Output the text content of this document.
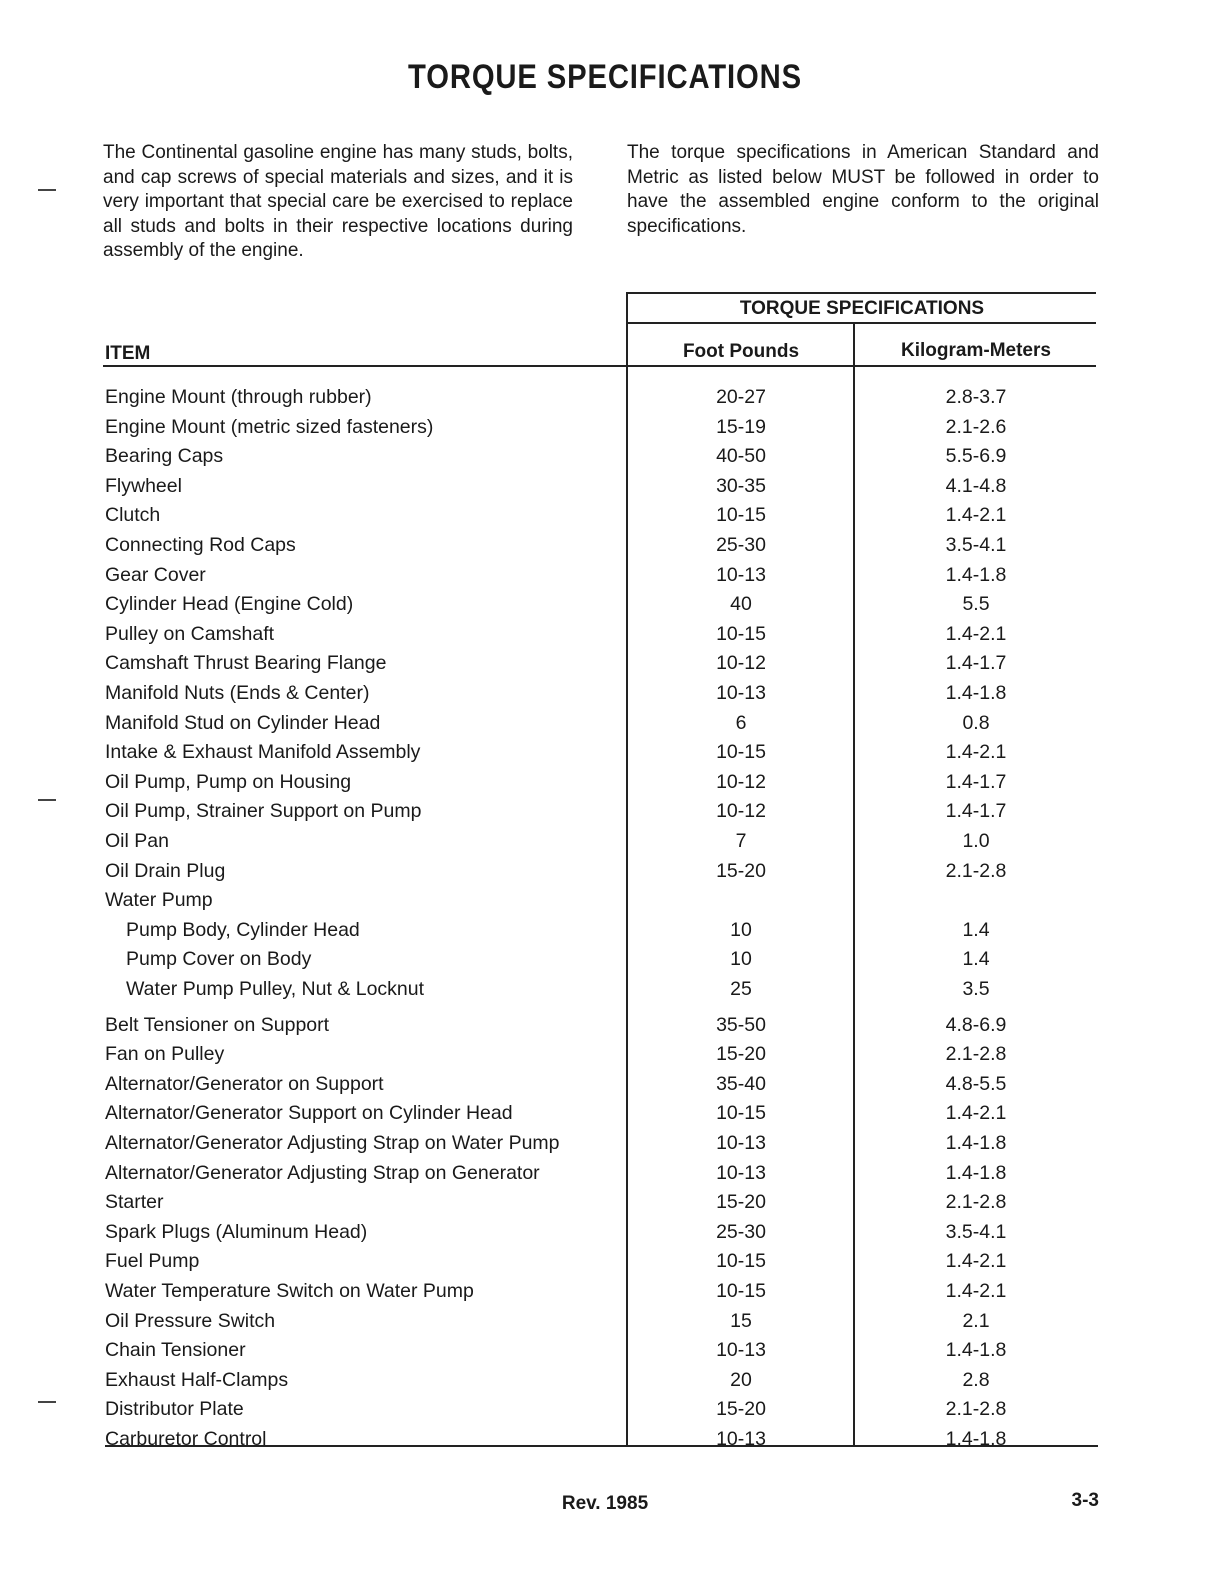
TORQUE SPECIFICATIONS
The Continental gasoline engine has many studs, bolts, and cap screws of special materials and sizes, and it is very important that special care be exercised to replace all studs and bolts in their respective locations during assembly of the engine.
The torque specifications in American Standard and Metric as listed below MUST be followed in order to have the assembled engine conform to the original specifications.
TORQUE SPECIFICATIONS
ITEM	Foot Pounds	Kilogram-Meters
Engine Mount (through rubber)	20-27	2.8-3.7
Engine Mount (metric sized fasteners)	15-19	2.1-2.6
Bearing Caps	40-50	5.5-6.9
Flywheel	30-35	4.1-4.8
Clutch	10-15	1.4-2.1
Connecting Rod Caps	25-30	3.5-4.1
Gear Cover	10-13	1.4-1.8
Cylinder Head (Engine Cold)	40	5.5
Pulley on Camshaft	10-15	1.4-2.1
Camshaft Thrust Bearing Flange	10-12	1.4-1.7
Manifold Nuts (Ends & Center)	10-13	1.4-1.8
Manifold Stud on Cylinder Head	6	0.8
Intake & Exhaust Manifold Assembly	10-15	1.4-2.1
Oil Pump, Pump on Housing	10-12	1.4-1.7
Oil Pump, Strainer Support on Pump	10-12	1.4-1.7
Oil Pan	7	1.0
Oil Drain Plug	15-20	2.1-2.8
Water Pump
Pump Body, Cylinder Head	10	1.4
Pump Cover on Body	10	1.4
Water Pump Pulley, Nut & Locknut	25	3.5
Belt Tensioner on Support	35-50	4.8-6.9
Fan on Pulley	15-20	2.1-2.8
Alternator/Generator on Support	35-40	4.8-5.5
Alternator/Generator Support on Cylinder Head	10-15	1.4-2.1
Alternator/Generator Adjusting Strap on Water Pump	10-13	1.4-1.8
Alternator/Generator Adjusting Strap on Generator	10-13	1.4-1.8
Starter	15-20	2.1-2.8
Spark Plugs (Aluminum Head)	25-30	3.5-4.1
Fuel Pump	10-15	1.4-2.1
Water Temperature Switch on Water Pump	10-15	1.4-2.1
Oil Pressure Switch	15	2.1
Chain Tensioner	10-13	1.4-1.8
Exhaust Half-Clamps	20	2.8
Distributor Plate	15-20	2.1-2.8
Carburetor Control	10-13	1.4-1.8
Rev. 1985	3-3
